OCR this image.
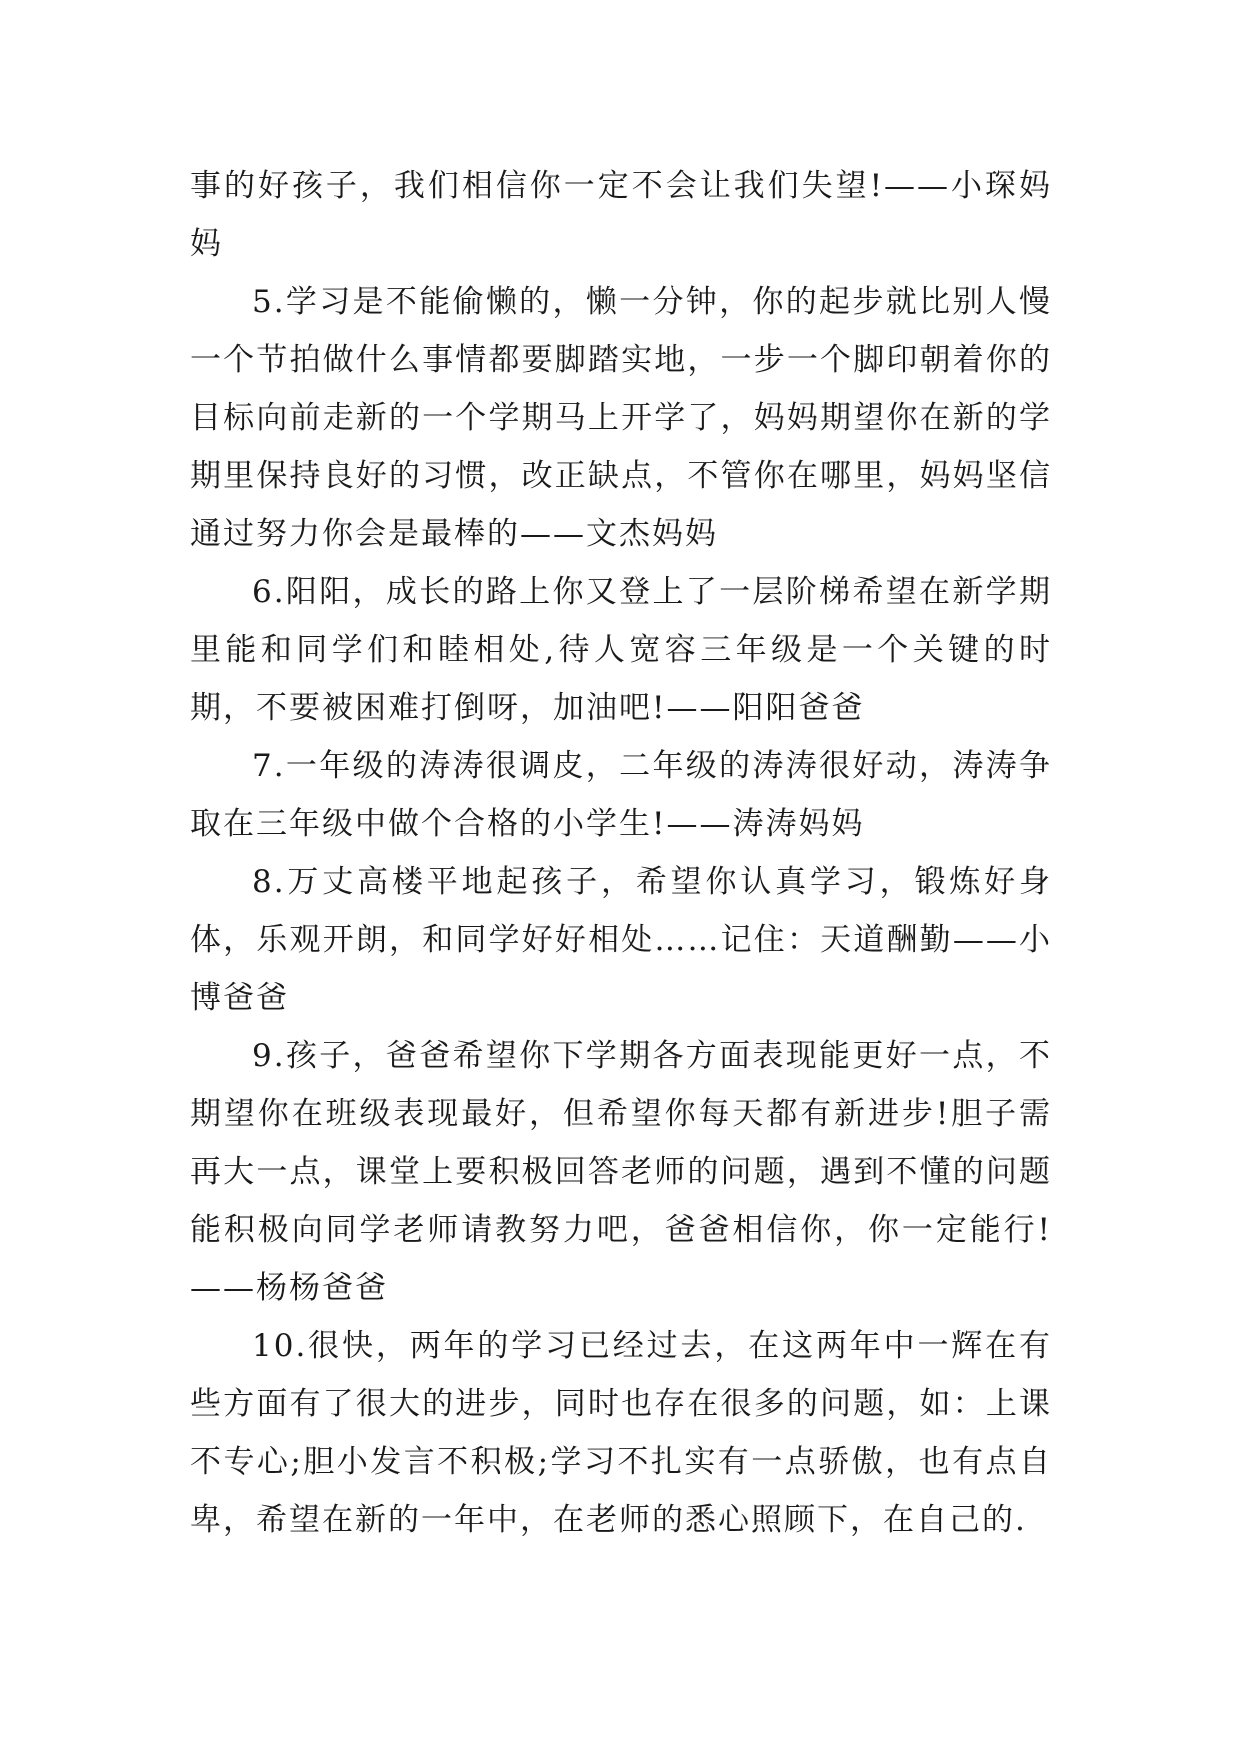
事的好孩子，我们相信你一定不会让我们失望!——小琛妈妈

5.学习是不能偷懒的，懒一分钟，你的起步就比别人慢一个节拍做什么事情都要脚踏实地，一步一个脚印朝着你的目标向前走新的一个学期马上开学了，妈妈期望你在新的学期里保持良好的习惯，改正缺点，不管你在哪里，妈妈坚信通过努力你会是最棒的——文杰妈妈

6.阳阳，成长的路上你又登上了一层阶梯希望在新学期里能和同学们和睦相处,待人宽容三年级是一个关键的时期，不要被困难打倒呀，加油吧!——阳阳爸爸

7.一年级的涛涛很调皮，二年级的涛涛很好动，涛涛争取在三年级中做个合格的小学生!——涛涛妈妈

8.万丈高楼平地起孩子，希望你认真学习，锻炼好身体，乐观开朗，和同学好好相处……记住：天道酬勤——小博爸爸

9.孩子，爸爸希望你下学期各方面表现能更好一点，不期望你在班级表现最好，但希望你每天都有新进步!胆子需再大一点，课堂上要积极回答老师的问题，遇到不懂的问题能积极向同学老师请教努力吧，爸爸相信你，你一定能行!——杨杨爸爸

10.很快，两年的学习已经过去，在这两年中一辉在有些方面有了很大的进步，同时也存在很多的问题，如：上课不专心;胆小发言不积极;学习不扎实有一点骄傲，也有点自卑，希望在新的一年中，在老师的悉心照顾下，在自己的.
